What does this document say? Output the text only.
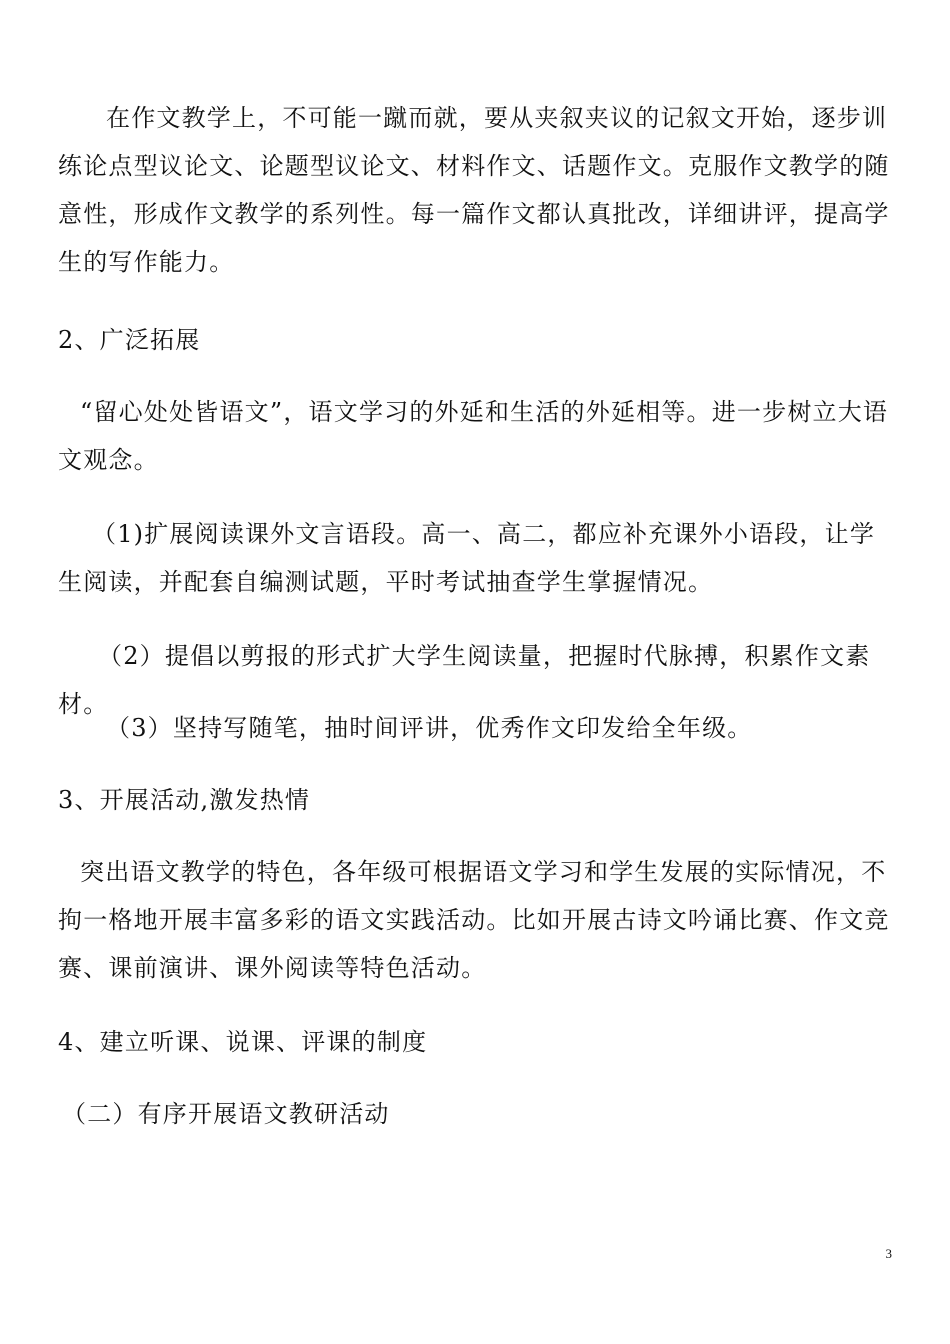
在作文教学上，不可能一蹴而就，要从夹叙夹议的记叙文开始，逐步训练论点型议论文、论题型议论文、材料作文、话题作文。克服作文教学的随意性，形成作文教学的系列性。每一篇作文都认真批改，详细讲评，提高学生的写作能力。

2、广泛拓展

“留心处处皆语文”，语文学习的外延和生活的外延相等。进一步树立大语文观念。

（1)扩展阅读课外文言语段。高一、高二，都应补充课外小语段，让学生阅读，并配套自编测试题，平时考试抽查学生掌握情况。

（2）提倡以剪报的形式扩大学生阅读量，把握时代脉搏，积累作文素材。

（3）坚持写随笔，抽时间评讲，优秀作文印发给全年级。

3、开展活动,激发热情

突出语文教学的特色，各年级可根据语文学习和学生发展的实际情况，不拘一格地开展丰富多彩的语文实践活动。比如开展古诗文吟诵比赛、作文竞赛、课前演讲、课外阅读等特色活动。

4、建立听课、说课、评课的制度

（二）有序开展语文教研活动

3
